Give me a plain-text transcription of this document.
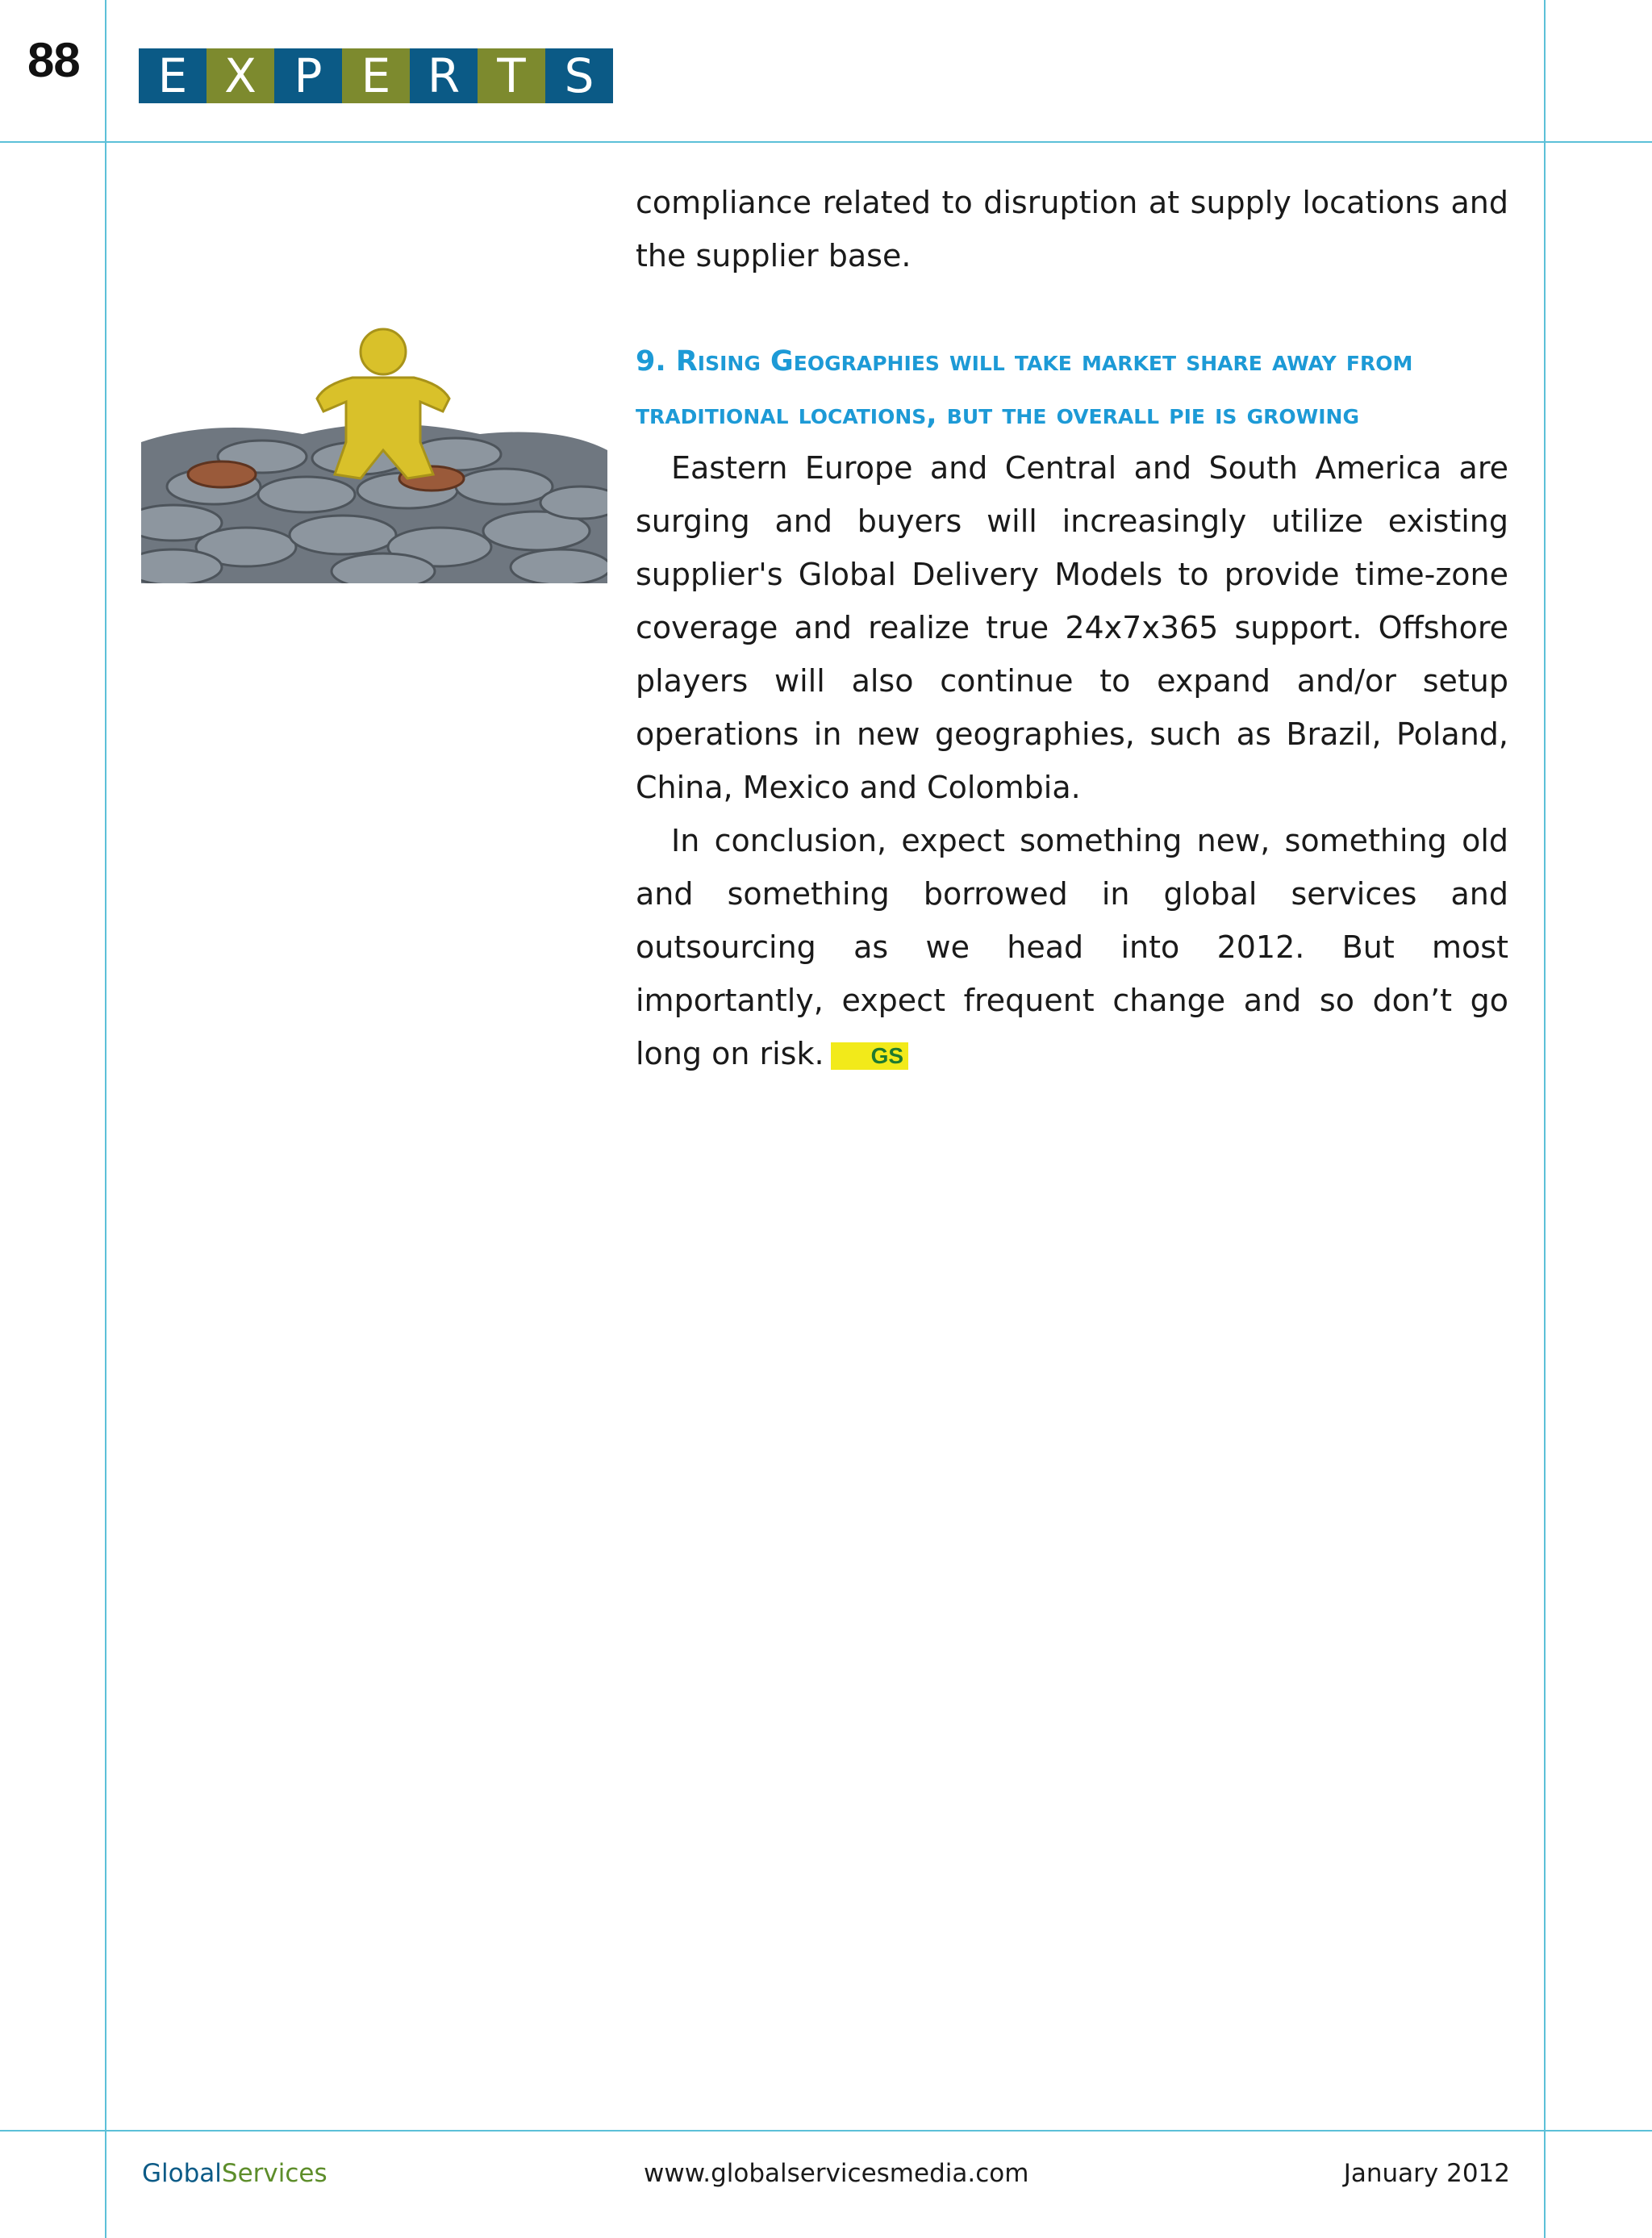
88	E X P E R T S

compliance related to disruption at supply locations and the supplier base.

9. Rising Geographies will take market share away from traditional locations, but the overall pie is growing

Eastern Europe and Central and South America are surging and buyers will increasingly utilize existing supplier's Global Delivery Models to provide time-zone coverage and realize true 24x7x365 support. Offshore players will also continue to expand and/or setup operations in new geographies, such as Brazil, Poland, China, Mexico and Colombia.

In conclusion, expect something new, something old and something borrowed in global services and outsourcing as we head into 2012. But most importantly, expect frequent change and so don’t go long on risk. GS

GlobalServices	www.globalservicesmedia.com	January 2012
